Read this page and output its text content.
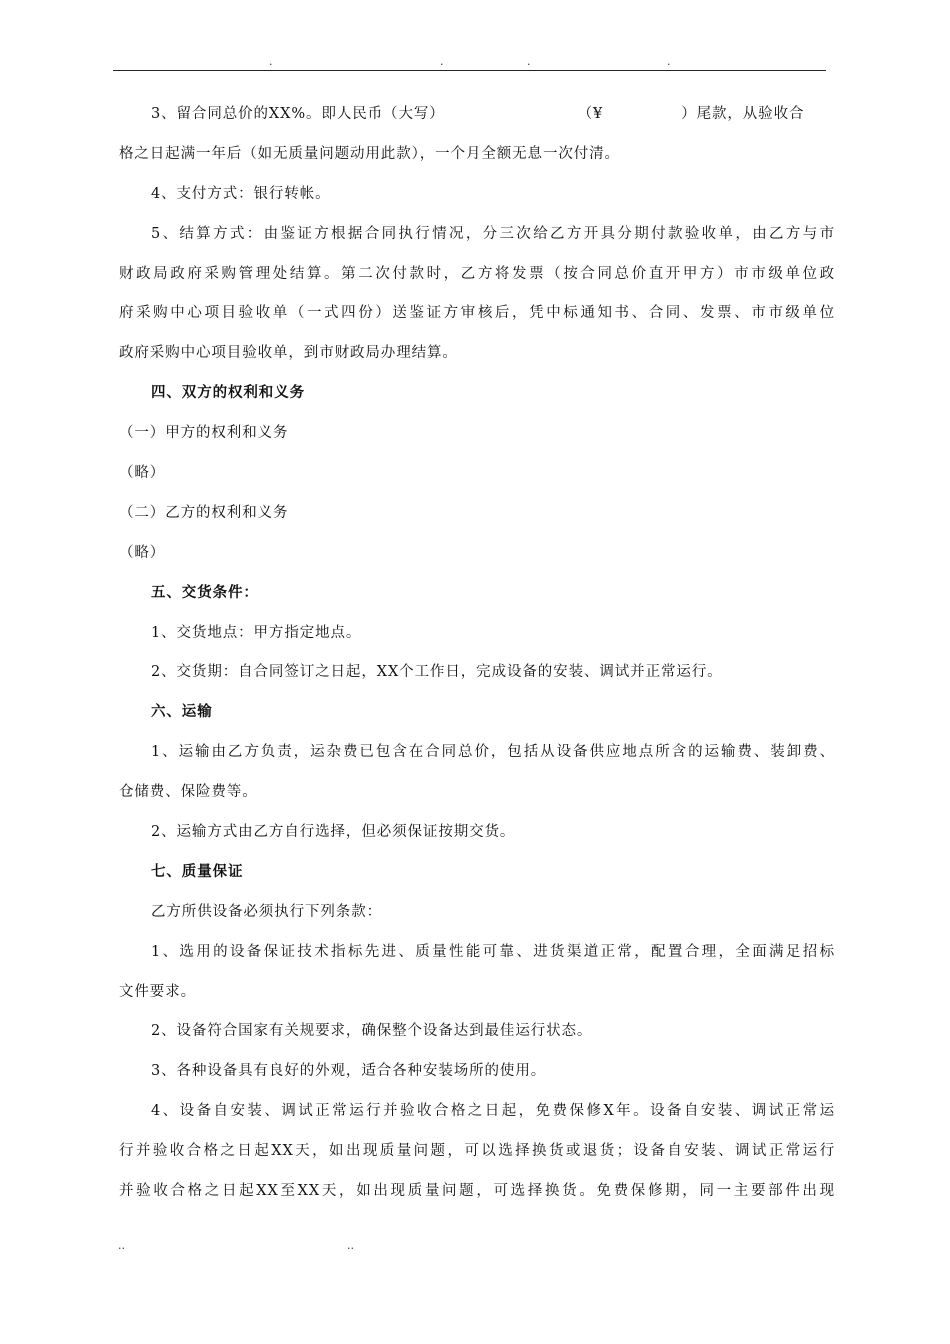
.	.	.	.
3、留合同总价的XX%。即人民币（大写）	（¥	）尾款，从验收合
格之日起满一年后（如无质量问题动用此款），一个月全额无息一次付清。
4、支付方式：银行转帐。
5、结算方式：由鉴证方根据合同执行情况，分三次给乙方开具分期付款验收单，由乙方与市
财政局政府采购管理处结算。第二次付款时，乙方将发票（按合同总价直开甲方）市市级单位政
府采购中心项目验收单（一式四份）送鉴证方审核后，凭中标通知书、合同、发票、市市级单位
政府采购中心项目验收单，到市财政局办理结算。
四、双方的权利和义务
（一）甲方的权利和义务
（略）
（二）乙方的权利和义务
（略）
五、交货条件：
1、交货地点：甲方指定地点。
2、交货期：自合同签订之日起，XX个工作日，完成设备的安装、调试并正常运行。
六、运输
1、运输由乙方负责，运杂费已包含在合同总价，包括从设备供应地点所含的运输费、装卸费、
仓储费、保险费等。
2、运输方式由乙方自行选择，但必须保证按期交货。
七、质量保证
乙方所供设备必须执行下列条款：
1、选用的设备保证技术指标先进、质量性能可靠、进货渠道正常，配置合理，全面满足招标
文件要求。
2、设备符合国家有关规要求，确保整个设备达到最佳运行状态。
3、各种设备具有良好的外观，适合各种安装场所的使用。
4、设备自安装、调试正常运行并验收合格之日起，免费保修X年。设备自安装、调试正常运
行并验收合格之日起XX天，如出现质量问题，可以选择换货或退货；设备自安装、调试正常运行
并验收合格之日起XX至XX天，如出现质量问题，可选择换货。免费保修期，同一主要部件出现
..	..
